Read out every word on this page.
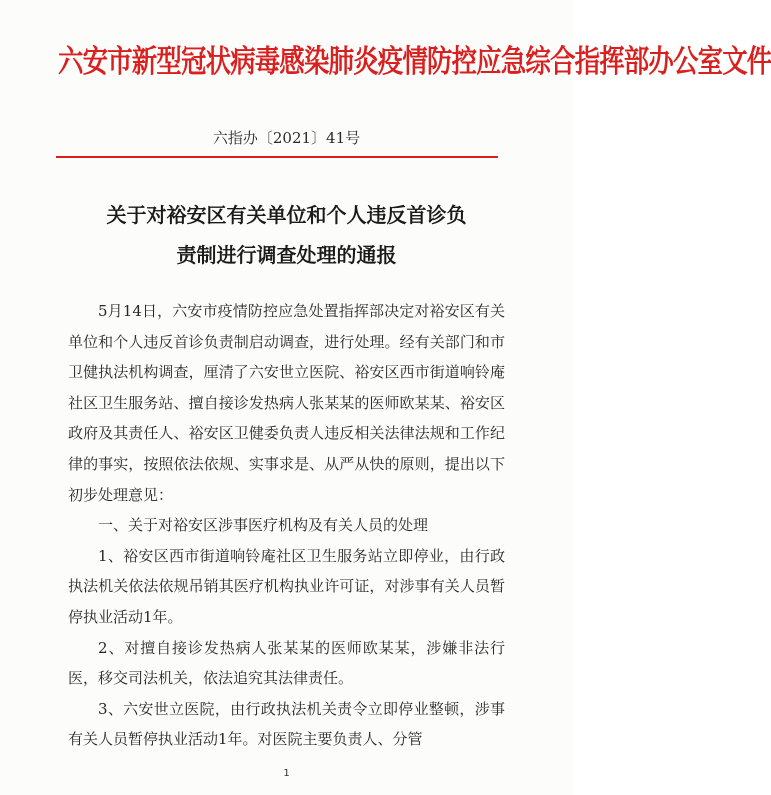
六安市新型冠状病毒感染肺炎疫情防控应急综合指挥部办公室文件
六指办〔2021〕41号
关于对裕安区有关单位和个人违反首诊负
责制进行调查处理的通报

5月14日，六安市疫情防控应急处置指挥部决定对裕安区有关单位和个人违反首诊负责制启动调查，进行处理。经有关部门和市卫健执法机构调查，厘清了六安世立医院、裕安区西市街道响铃庵社区卫生服务站、擅自接诊发热病人张某某的医师欧某某、裕安区政府及其责任人、裕安区卫健委负责人违反相关法律法规和工作纪律的事实，按照依法依规、实事求是、从严从快的原则，提出以下初步处理意见：

一、关于对裕安区涉事医疗机构及有关人员的处理

1、裕安区西市街道响铃庵社区卫生服务站立即停业，由行政执法机关依法依规吊销其医疗机构执业许可证，对涉事有关人员暂停执业活动1年。

2、对擅自接诊发热病人张某某的医师欧某某，涉嫌非法行医，移交司法机关，依法追究其法律责任。

3、六安世立医院，由行政执法机关责令立即停业整顿，涉事有关人员暂停执业活动1年。对医院主要负责人、分管

1
